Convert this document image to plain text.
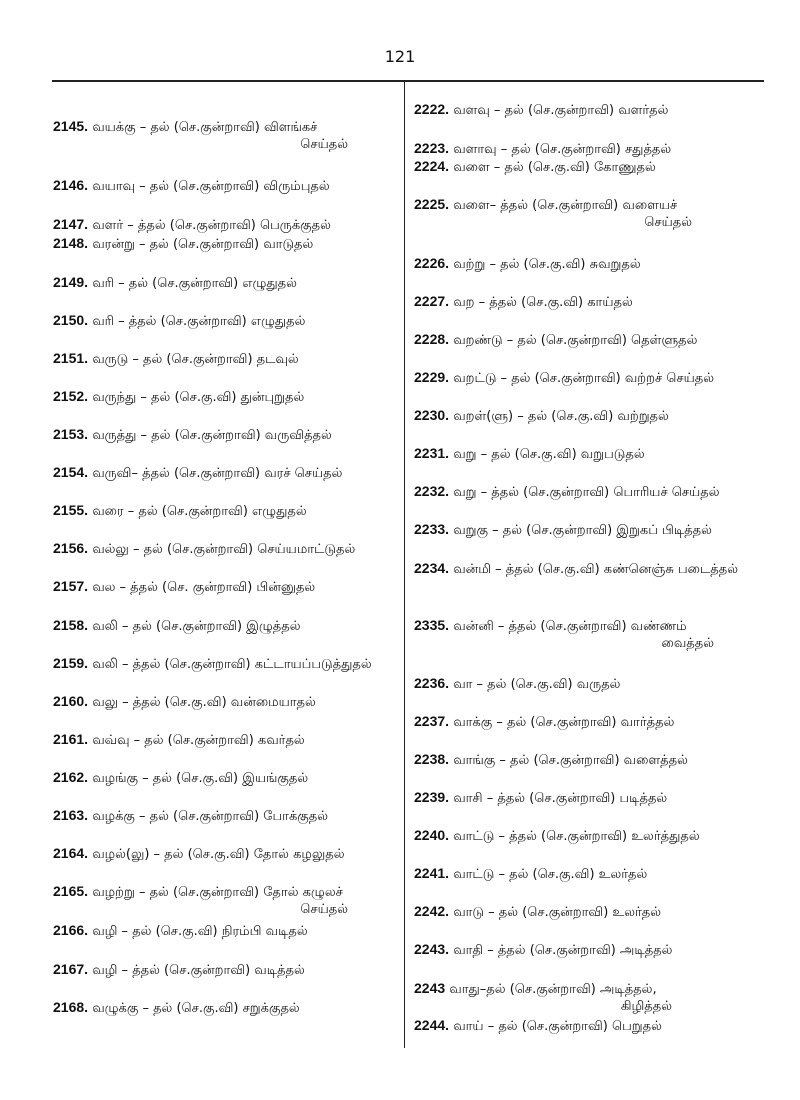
121
2145. வயக்கு – தல் (செ.குன்றாவி) விளங்கச்
செய்தல்
2146. வயாவு – தல் (செ.குன்றாவி) விரும்புதல்
2147. வளர் – த்தல் (செ.குன்றாவி) பெருக்குதல்
2148. வரன்று – தல் (செ.குன்றாவி) வாடுதல்
2149. வரி – தல் (செ.குன்றாவி) எழுதுதல்
2150. வரி – த்தல் (செ.குன்றாவி) எழுதுதல்
2151. வருடு – தல் (செ.குன்றாவி) தடவுல்
2152. வருந்து – தல் (செ.கு.வி) துன்புறுதல்
2153. வருத்து – தல் (செ.குன்றாவி) வருவித்தல்
2154. வருவி– த்தல் (செ.குன்றாவி) வரச் செய்தல்
2155. வரை – தல் (செ.குன்றாவி) எழுதுதல்
2156. வல்லு – தல் (செ.குன்றாவி) செய்யமாட்டுதல்
2157. வல – த்தல் (செ. குன்றாவி) பின்னுதல்
2158. வலி – தல் (செ.குன்றாவி) இழுத்தல்
2159. வலி – த்தல் (செ.குன்றாவி) கட்டாயப்படுத்துதல்
2160. வலு – த்தல் (செ.கு.வி) வன்மையாதல்
2161. வவ்வு – தல் (செ.குன்றாவி) கவர்தல்
2162. வழங்கு – தல் (செ.கு.வி) இயங்குதல்
2163. வழக்கு – தல் (செ.குன்றாவி) போக்குதல்
2164. வழல்(லு) – தல் (செ.கு.வி) தோல் கழலுதல்
2165. வழற்று – தல் (செ.குன்றாவி) தோல் கழுலச்
செய்தல்
2166. வழி – தல் (செ.கு.வி) நிரம்பி வடிதல்
2167. வழி – த்தல் (செ.குன்றாவி) வடித்தல்
2168. வழுக்கு – தல் (செ.கு.வி) சறுக்குதல்
2222. வளவு – தல் (செ.குன்றாவி) வளர்தல்
2223. வளாவு – தல் (செ.குன்றாவி) சதுத்தல்
2224. வளை – தல் (செ.கு.வி) கோணுதல்
2225. வளை– த்தல் (செ.குன்றாவி) வளையச்
செய்தல்
2226. வற்று – தல் (செ.கு.வி) சுவறுதல்
2227. வற – த்தல் (செ.கு.வி) காய்தல்
2228. வறண்டு – தல் (செ.குன்றாவி) தெள்ளுதல்
2229. வறட்டு – தல் (செ.குன்றாவி) வற்றச் செய்தல்
2230. வறள்(ளு) – தல் (செ.கு.வி) வற்றுதல்
2231. வறு – தல் (செ.கு.வி) வறுபடுதல்
2232. வறு – த்தல் (செ.குன்றாவி) பொரியச் செய்தல்
2233. வறுகு – தல் (செ.குன்றாவி) இறுகப் பிடித்தல்
2234. வன்மி – த்தல் (செ.கு.வி) கண்னெஞ்சு படைத்தல்
2335. வன்னி – த்தல் (செ.குன்றாவி) வண்ணம்
வைத்தல்
2236. வா – தல் (செ.கு.வி) வருதல்
2237. வாக்கு – தல் (செ.குன்றாவி) வார்த்தல்
2238. வாங்கு – தல் (செ.குன்றாவி) வளைத்தல்
2239. வாசி – த்தல் (செ.குன்றாவி) படித்தல்
2240. வாட்டு – த்தல் (செ.குன்றாவி) உலர்த்துதல்
2241. வாட்டு – தல் (செ.கு.வி) உலர்தல்
2242. வாடு – தல் (செ.குன்றாவி) உலர்தல்
2243. வாதி – த்தல் (செ.குன்றாவி) அடித்தல்
2243 வாது–தல் (செ.குன்றாவி) அடித்தல்,
கிழித்தல்
2244. வாய் – தல் (செ.குன்றாவி) பெறுதல்
